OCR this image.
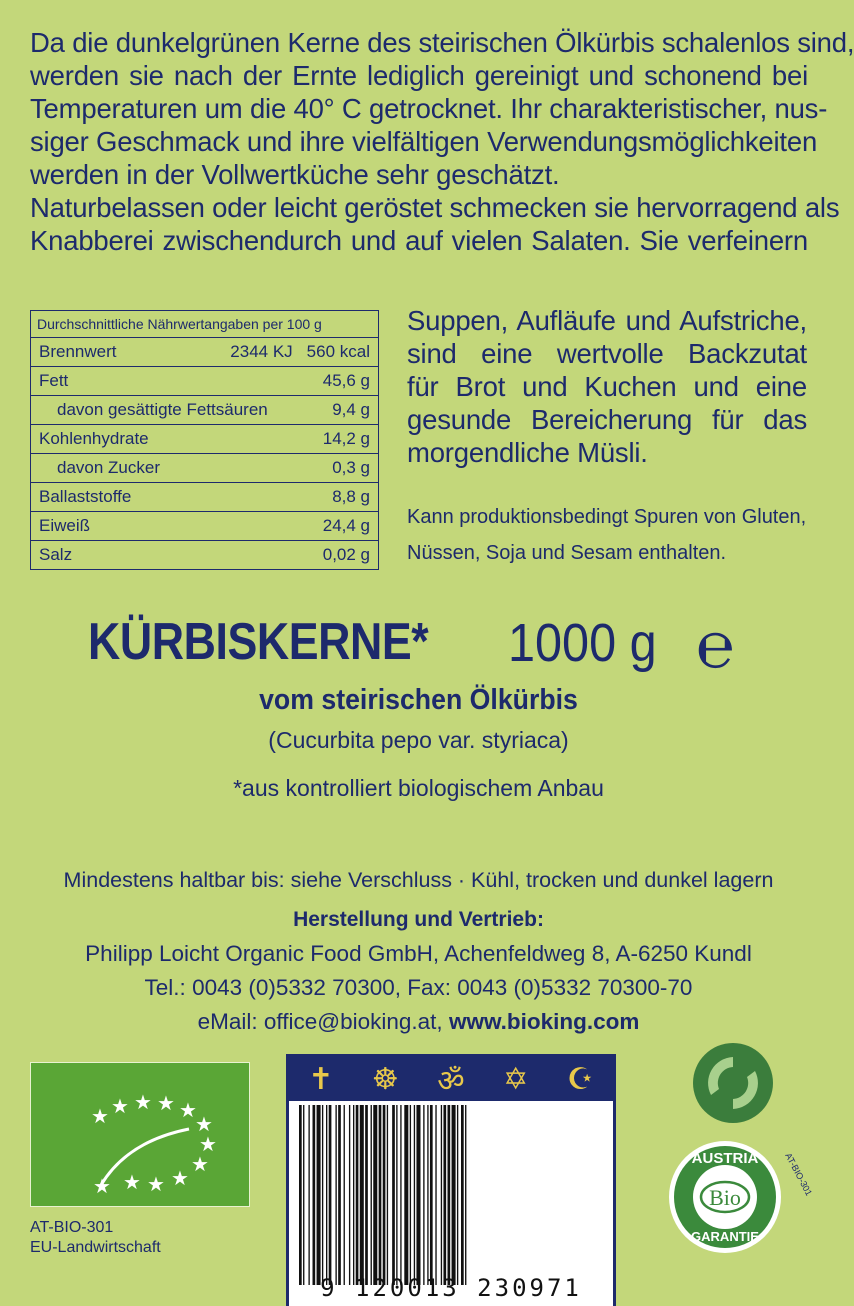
Da die dunkelgrünen Kerne des steirischen Ölkürbis schalenlos sind,
werden sie nach der Ernte lediglich gereinigt und schonend bei
Temperaturen um die 40° C getrocknet. Ihr charakteristischer, nus-
siger Geschmack und ihre vielfältigen Verwendungsmöglichkeiten
werden in der Vollwertküche sehr geschätzt.
Naturbelassen oder leicht geröstet schmecken sie hervorragend als
Knabberei zwischendurch und auf vielen Salaten. Sie verfeinern
Suppen, Aufläufe und Aufstriche,
sind eine wertvolle Backzutat
für Brot und Kuchen und eine
gesunde Bereicherung für das
morgendliche Müsli.
Kann produktionsbedingt Spuren von Gluten,
Nüssen, Soja und Sesam enthalten.
Durchschnittliche Nährwertangaben per 100 g
Brennwert	2344 KJ 560 kcal
Fett	45,6 g
davon gesättigte Fettsäuren	9,4 g
Kohlenhydrate	14,2 g
davon Zucker	0,3 g
Ballaststoffe	8,8 g
Eiweiß	24,4 g
Salz	0,02 g
KÜRBISKERNE* 1000 g ℮
vom steirischen Ölkürbis
(Cucurbita pepo var. styriaca)
*aus kontrolliert biologischem Anbau
Mindestens haltbar bis: siehe Verschluss · Kühl, trocken und dunkel lagern
Herstellung und Vertrieb:
Philipp Loicht Organic Food GmbH, Achenfeldweg 8, A-6250 Kundl
Tel.: 0043 (0)5332 70300, Fax: 0043 (0)5332 70300-70
eMail: office@bioking.at, www.bioking.com
★ ★ ★ ★ ★
★
★
★
★
★
★
★
AT-BIO-301
EU-Landwirtschaft
✝ ☸ ॐ ✡ ☪
9 120013 230971
Bio
AUSTRIA
GARANTIE
AT-BIO-301
